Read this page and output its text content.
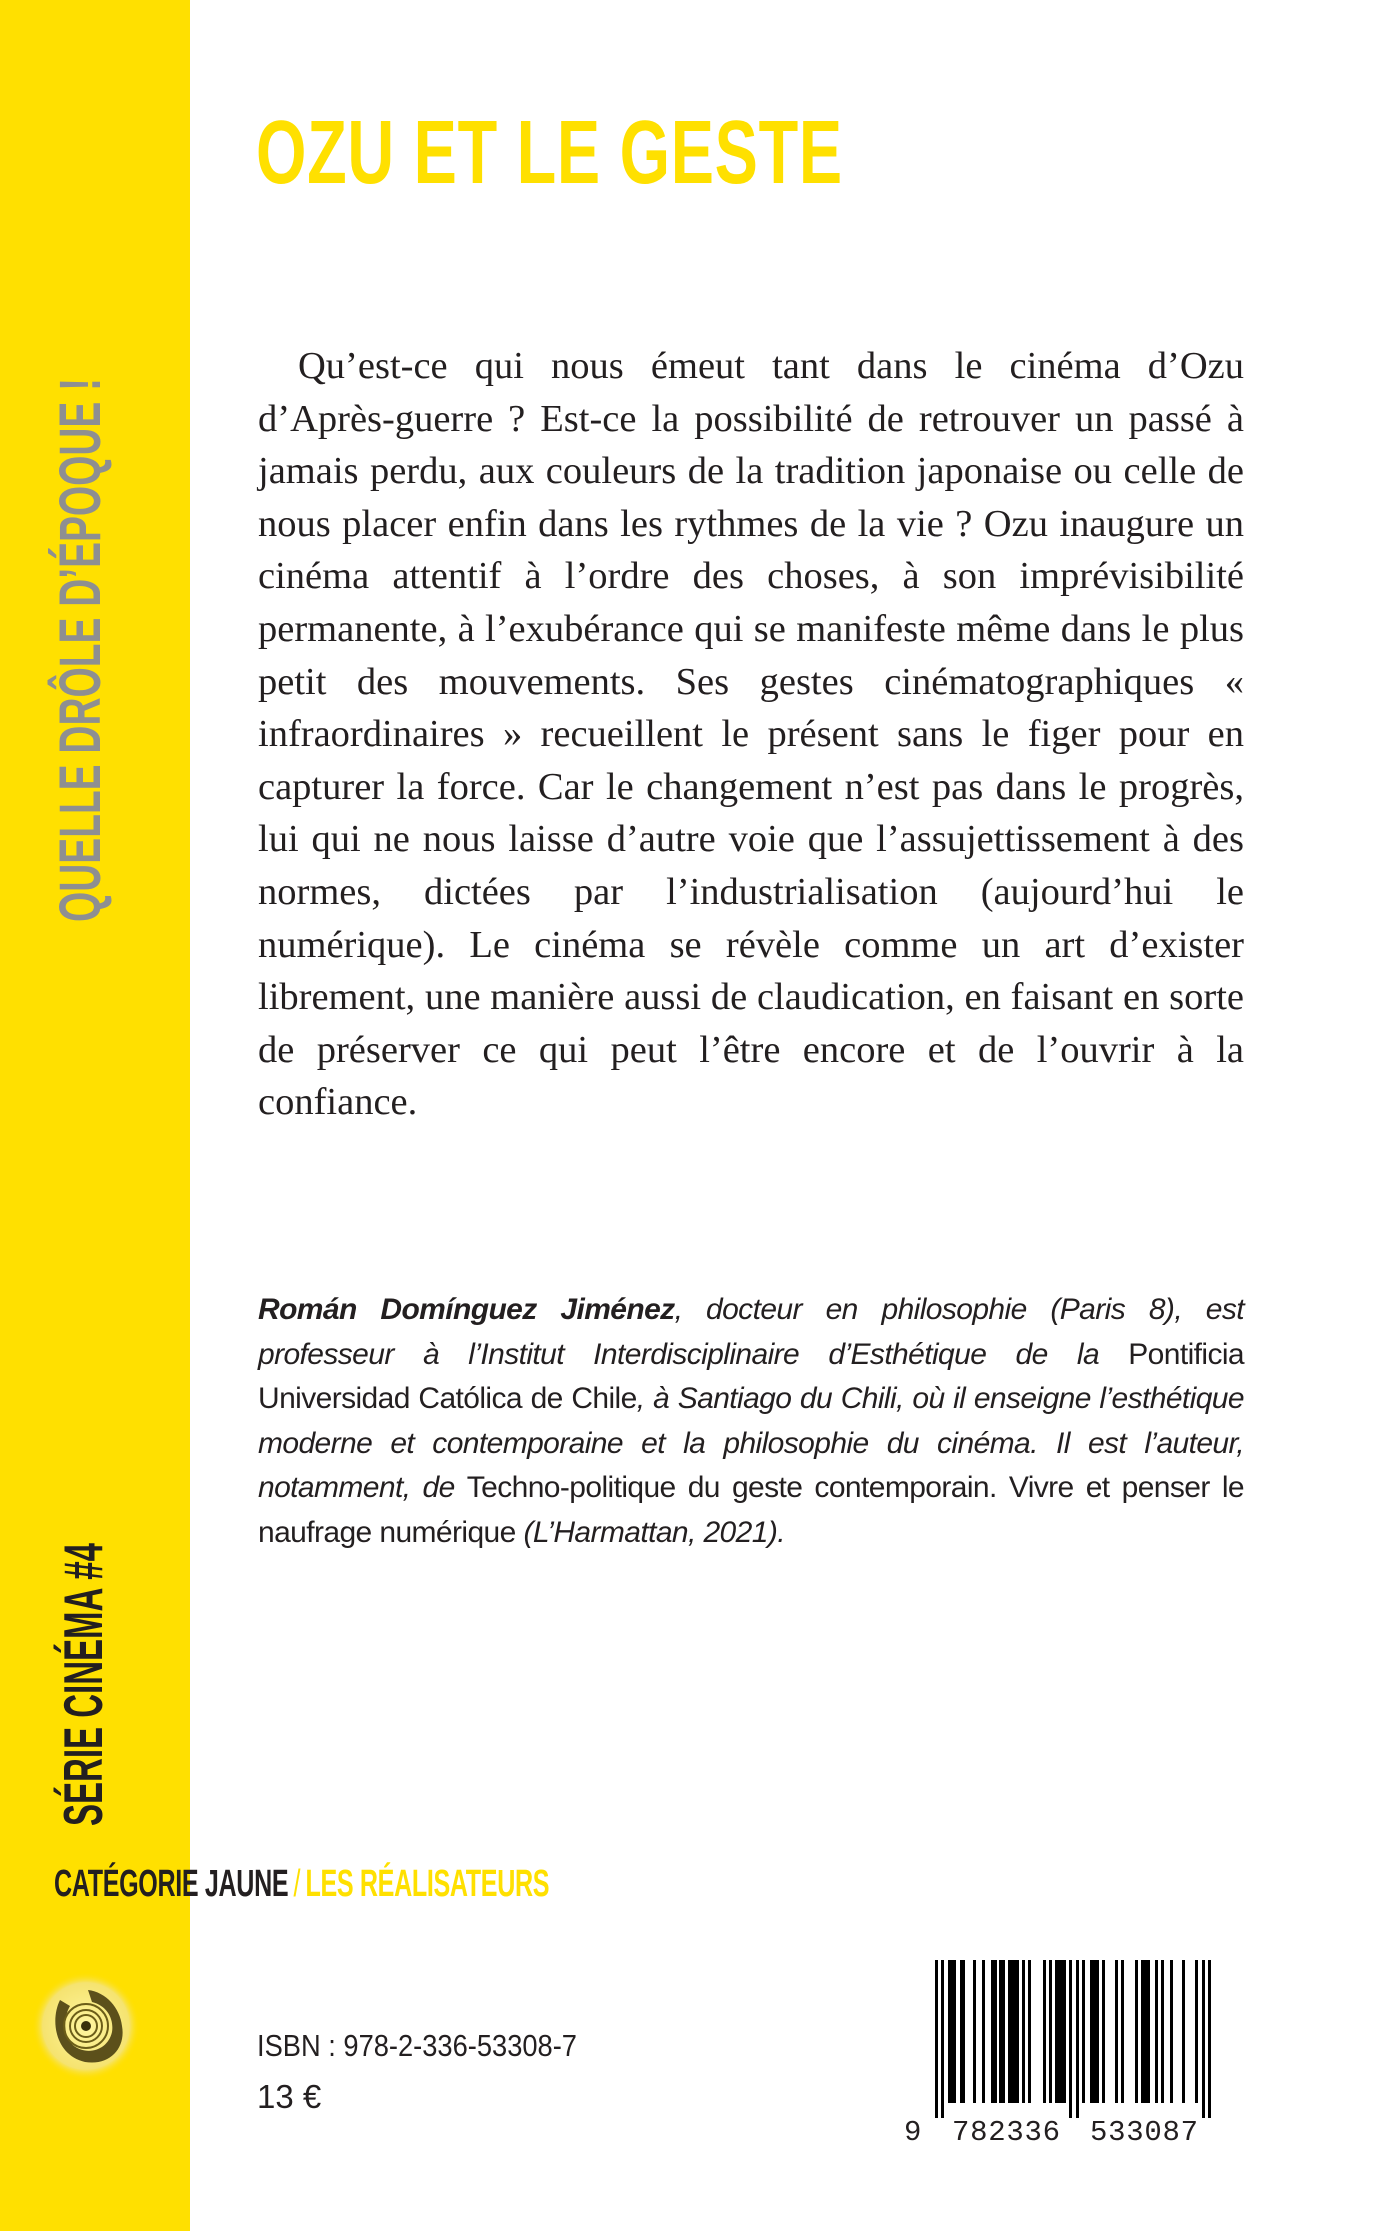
OZU ET LE GESTE
QUELLE DRÔLE D’ÉPOQUE !
SÉRIE CINÉMA #4
CATÉGORIE JAUNE / LES RÉALISATEURS

Qu’est-ce qui nous émeut tant dans le cinéma d’Ozu d’Après-guerre ? Est-ce la possibilité de retrouver un passé à jamais perdu, aux couleurs de la tradition japonaise ou celle de nous placer enfin dans les rythmes de la vie ? Ozu inaugure un cinéma attentif à l’ordre des choses, à son imprévisibilité permanente, à l’exubérance qui se manifeste même dans le plus petit des mouvements. Ses gestes cinématographiques « infraordinaires » recueillent le présent sans le figer pour en capturer la force. Car le changement n’est pas dans le progrès, lui qui ne nous laisse d’autre voie que l’assujettissement à des normes, dictées par l’industrialisation (aujourd’hui le numérique). Le cinéma se révèle comme un art d’exister librement, une manière aussi de claudication, en faisant en sorte de préserver ce qui peut l’être encore et de l’ouvrir à la confiance.

Román Domínguez Jiménez, docteur en philosophie (Paris 8), est professeur à l’Institut Interdisciplinaire d’Esthétique de la Pontificia Universidad Católica de Chile, à Santiago du Chili, où il enseigne l’esthétique moderne et contemporaine et la philosophie du cinéma. Il est l’auteur, notamment, de Techno-politique du geste contemporain. Vivre et penser le naufrage numérique (L’Harmattan, 2021).

ISBN : 978-2-336-53308-7
13 €
9 782336 533087
